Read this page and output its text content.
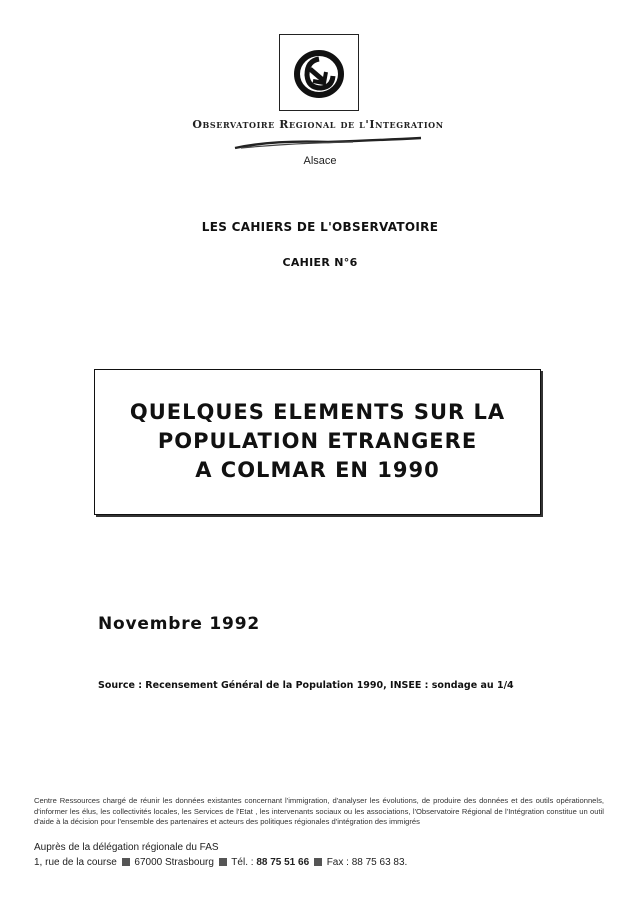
Observatoire Regional de l'Integration
Alsace
LES CAHIERS DE L'OBSERVATOIRE
CAHIER N°6
QUELQUES ELEMENTS SUR LA
POPULATION ETRANGERE
A COLMAR EN 1990
Novembre 1992
Source : Recensement Général de la Population 1990, INSEE : sondage au 1/4
Centre Ressources chargé de réunir les données existantes concernant l'immigration, d'analyser les évolutions, de produire des données et des outils opérationnels, d'informer les élus, les collectivités locales, les Services de l'Etat , les intervenants sociaux ou les associations, l'Observatoire Régional de l'Intégration constitue un outil d'aide à la décision pour l'ensemble des partenaires et acteurs des politiques régionales d'intégration des immigrés
Auprès de la délégation régionale du FAS
1, rue de la course 67000 Strasbourg Tél. : 88 75 51 66 Fax : 88 75 63 83.
